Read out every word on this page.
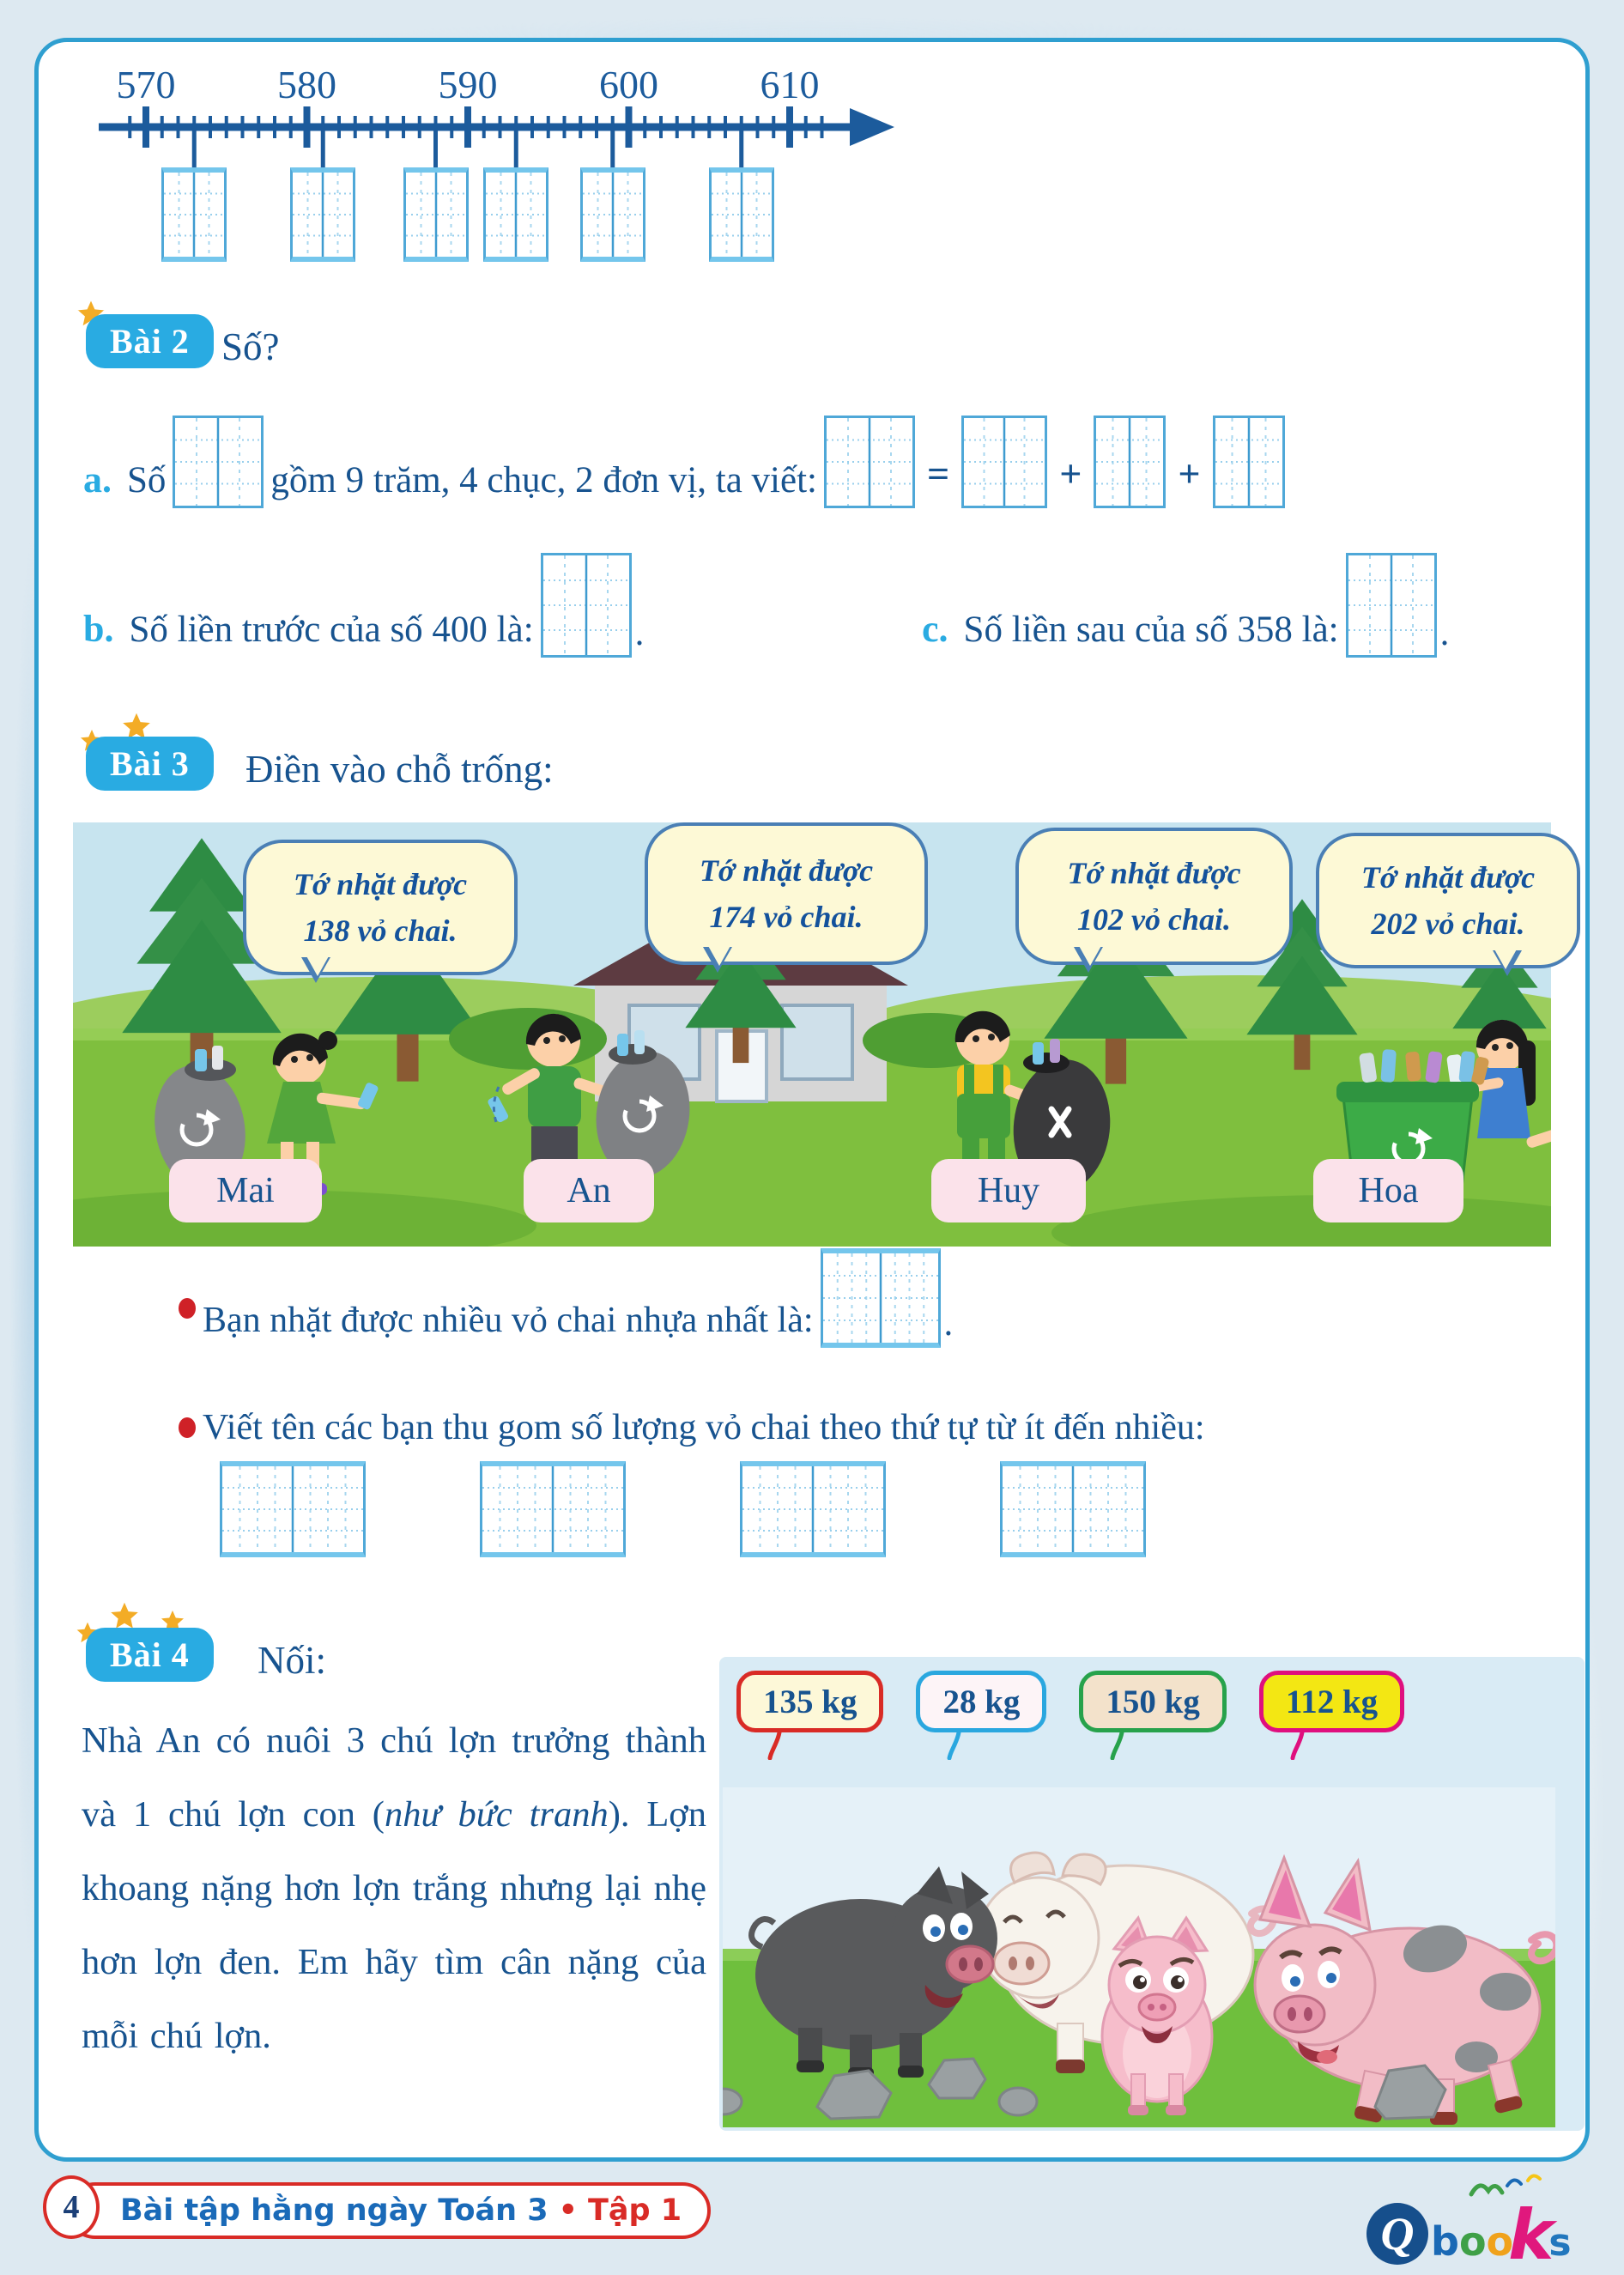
570	580	590	600	610
Bài 2 Số?
a. Số	gồm 9 trăm, 4 chục, 2 đơn vị, ta viết:	=	+	+
b. Số liền trước của số 400 là:	.	c. Số liền sau của số 358 là:	.
Bài 3	Điền vào chỗ trống:
Tớ nhặt được
138 vỏ chai.
Tớ nhặt được
174 vỏ chai.
Tớ nhặt được
102 vỏ chai.
Tớ nhặt được
202 vỏ chai.
Mai	An	Huy	Hoa
Bạn nhặt được nhiều vỏ chai nhựa nhất là:	.
Viết tên các bạn thu gom số lượng vỏ chai theo thứ tự từ ít đến nhiều:
Bài 4	Nối:
Nhà An có nuôi 3 chú lợn trưởng thành và 1 chú lợn con (như bức tranh). Lợn khoang nặng hơn lợn trắng nhưng lại nhẹ hơn lợn đen. Em hãy tìm cân nặng của mỗi chú lợn.
135 kg	28 kg	150 kg	112 kg
4	Bài tập hằng ngày Toán 3 • Tập 1	Q b o o
k
s
